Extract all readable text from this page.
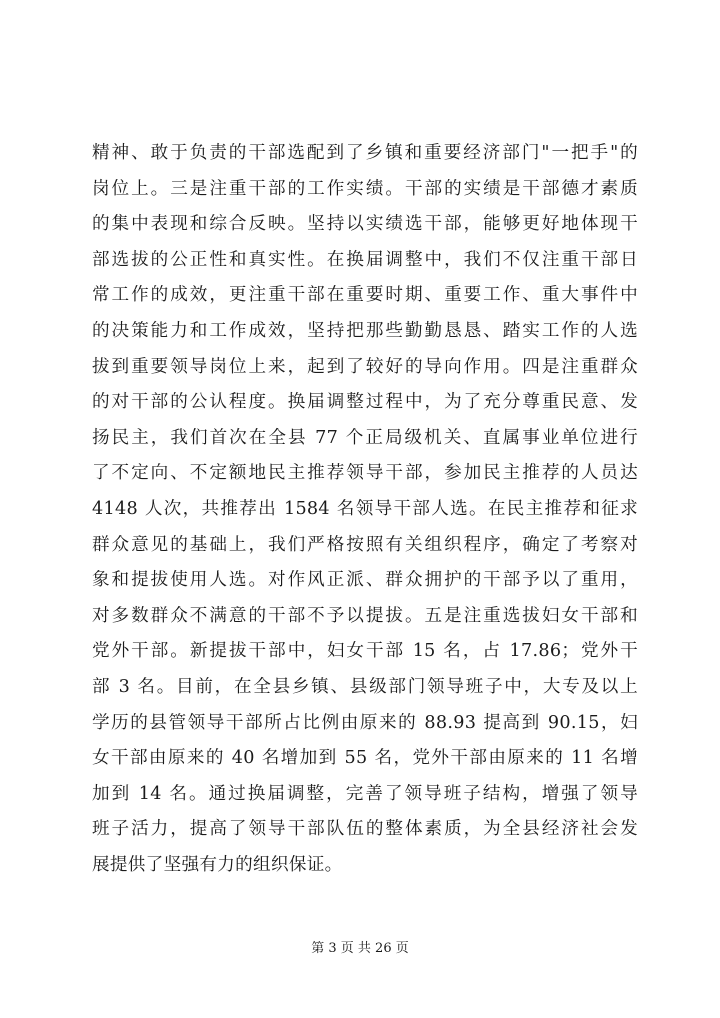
精神、敢于负责的干部选配到了乡镇和重要经济部门"一把手"的
岗位上。三是注重干部的工作实绩。干部的实绩是干部德才素质
的集中表现和综合反映。坚持以实绩选干部，能够更好地体现干
部选拔的公正性和真实性。在换届调整中，我们不仅注重干部日
常工作的成效，更注重干部在重要时期、重要工作、重大事件中
的决策能力和工作成效，坚持把那些勤勤恳恳、踏实工作的人选
拔到重要领导岗位上来，起到了较好的导向作用。四是注重群众
的对干部的公认程度。换届调整过程中，为了充分尊重民意、发
扬民主，我们首次在全县 77 个正局级机关、直属事业单位进行
了不定向、不定额地民主推荐领导干部，参加民主推荐的人员达
4148 人次，共推荐出 1584 名领导干部人选。在民主推荐和征求
群众意见的基础上，我们严格按照有关组织程序，确定了考察对
象和提拔使用人选。对作风正派、群众拥护的干部予以了重用，
对多数群众不满意的干部不予以提拔。五是注重选拔妇女干部和
党外干部。新提拔干部中，妇女干部 15 名，占 17.86；党外干
部 3 名。目前，在全县乡镇、县级部门领导班子中，大专及以上
学历的县管领导干部所占比例由原来的 88.93 提高到 90.15，妇
女干部由原来的 40 名增加到 55 名，党外干部由原来的 11 名增
加到 14 名。通过换届调整，完善了领导班子结构，增强了领导
班子活力，提高了领导干部队伍的整体素质，为全县经济社会发
展提供了坚强有力的组织保证。
第 3 页 共 26 页
